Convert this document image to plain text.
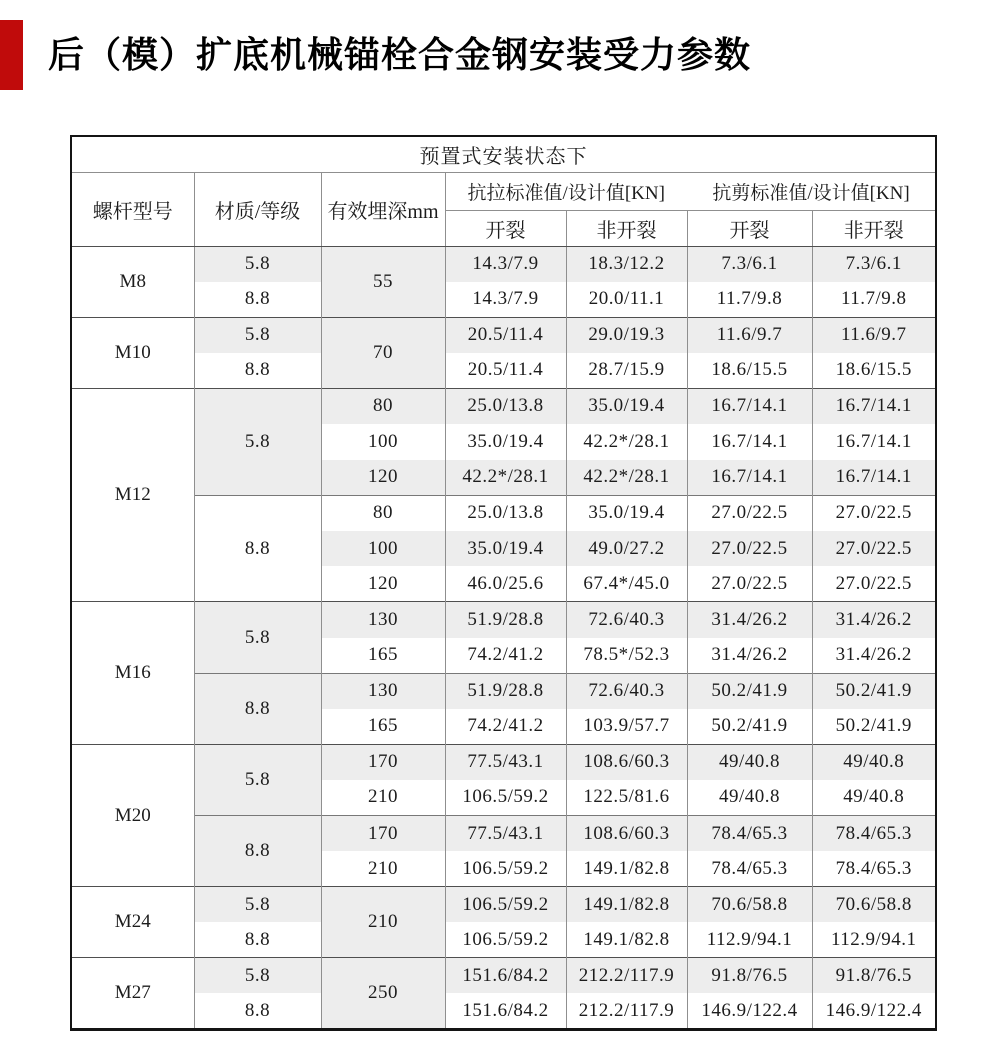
后（模）扩底机械锚栓合金钢安装受力参数
预置式安装状态下						
螺杆型号	材质/等级	有效埋深mm	抗拉标准值/设计值[KN]		抗剪标准值/设计值[KN]	
			开裂	非开裂	开裂	非开裂
M8	5.8	55	14.3/7.9	18.3/12.2	7.3/6.1	7.3/6.1
	8.8		14.3/7.9	20.0/11.1	11.7/9.8	11.7/9.8
M10	5.8	70	20.5/11.4	29.0/19.3	11.6/9.7	11.6/9.7
	8.8		20.5/11.4	28.7/15.9	18.6/15.5	18.6/15.5
M12	5.8	80	25.0/13.8	35.0/19.4	16.7/14.1	16.7/14.1
		100	35.0/19.4	42.2*/28.1	16.7/14.1	16.7/14.1
		120	42.2*/28.1	42.2*/28.1	16.7/14.1	16.7/14.1
	8.8	80	25.0/13.8	35.0/19.4	27.0/22.5	27.0/22.5
		100	35.0/19.4	49.0/27.2	27.0/22.5	27.0/22.5
		120	46.0/25.6	67.4*/45.0	27.0/22.5	27.0/22.5
M16	5.8	130	51.9/28.8	72.6/40.3	31.4/26.2	31.4/26.2
		165	74.2/41.2	78.5*/52.3	31.4/26.2	31.4/26.2
	8.8	130	51.9/28.8	72.6/40.3	50.2/41.9	50.2/41.9
		165	74.2/41.2	103.9/57.7	50.2/41.9	50.2/41.9
M20	5.8	170	77.5/43.1	108.6/60.3	49/40.8	49/40.8
		210	106.5/59.2	122.5/81.6	49/40.8	49/40.8
	8.8	170	77.5/43.1	108.6/60.3	78.4/65.3	78.4/65.3
		210	106.5/59.2	149.1/82.8	78.4/65.3	78.4/65.3
M24	5.8	210	106.5/59.2	149.1/82.8	70.6/58.8	70.6/58.8
	8.8		106.5/59.2	149.1/82.8	112.9/94.1	112.9/94.1
M27	5.8	250	151.6/84.2	212.2/117.9	91.8/76.5	91.8/76.5
	8.8		151.6/84.2	212.2/117.9	146.9/122.4	146.9/122.4
